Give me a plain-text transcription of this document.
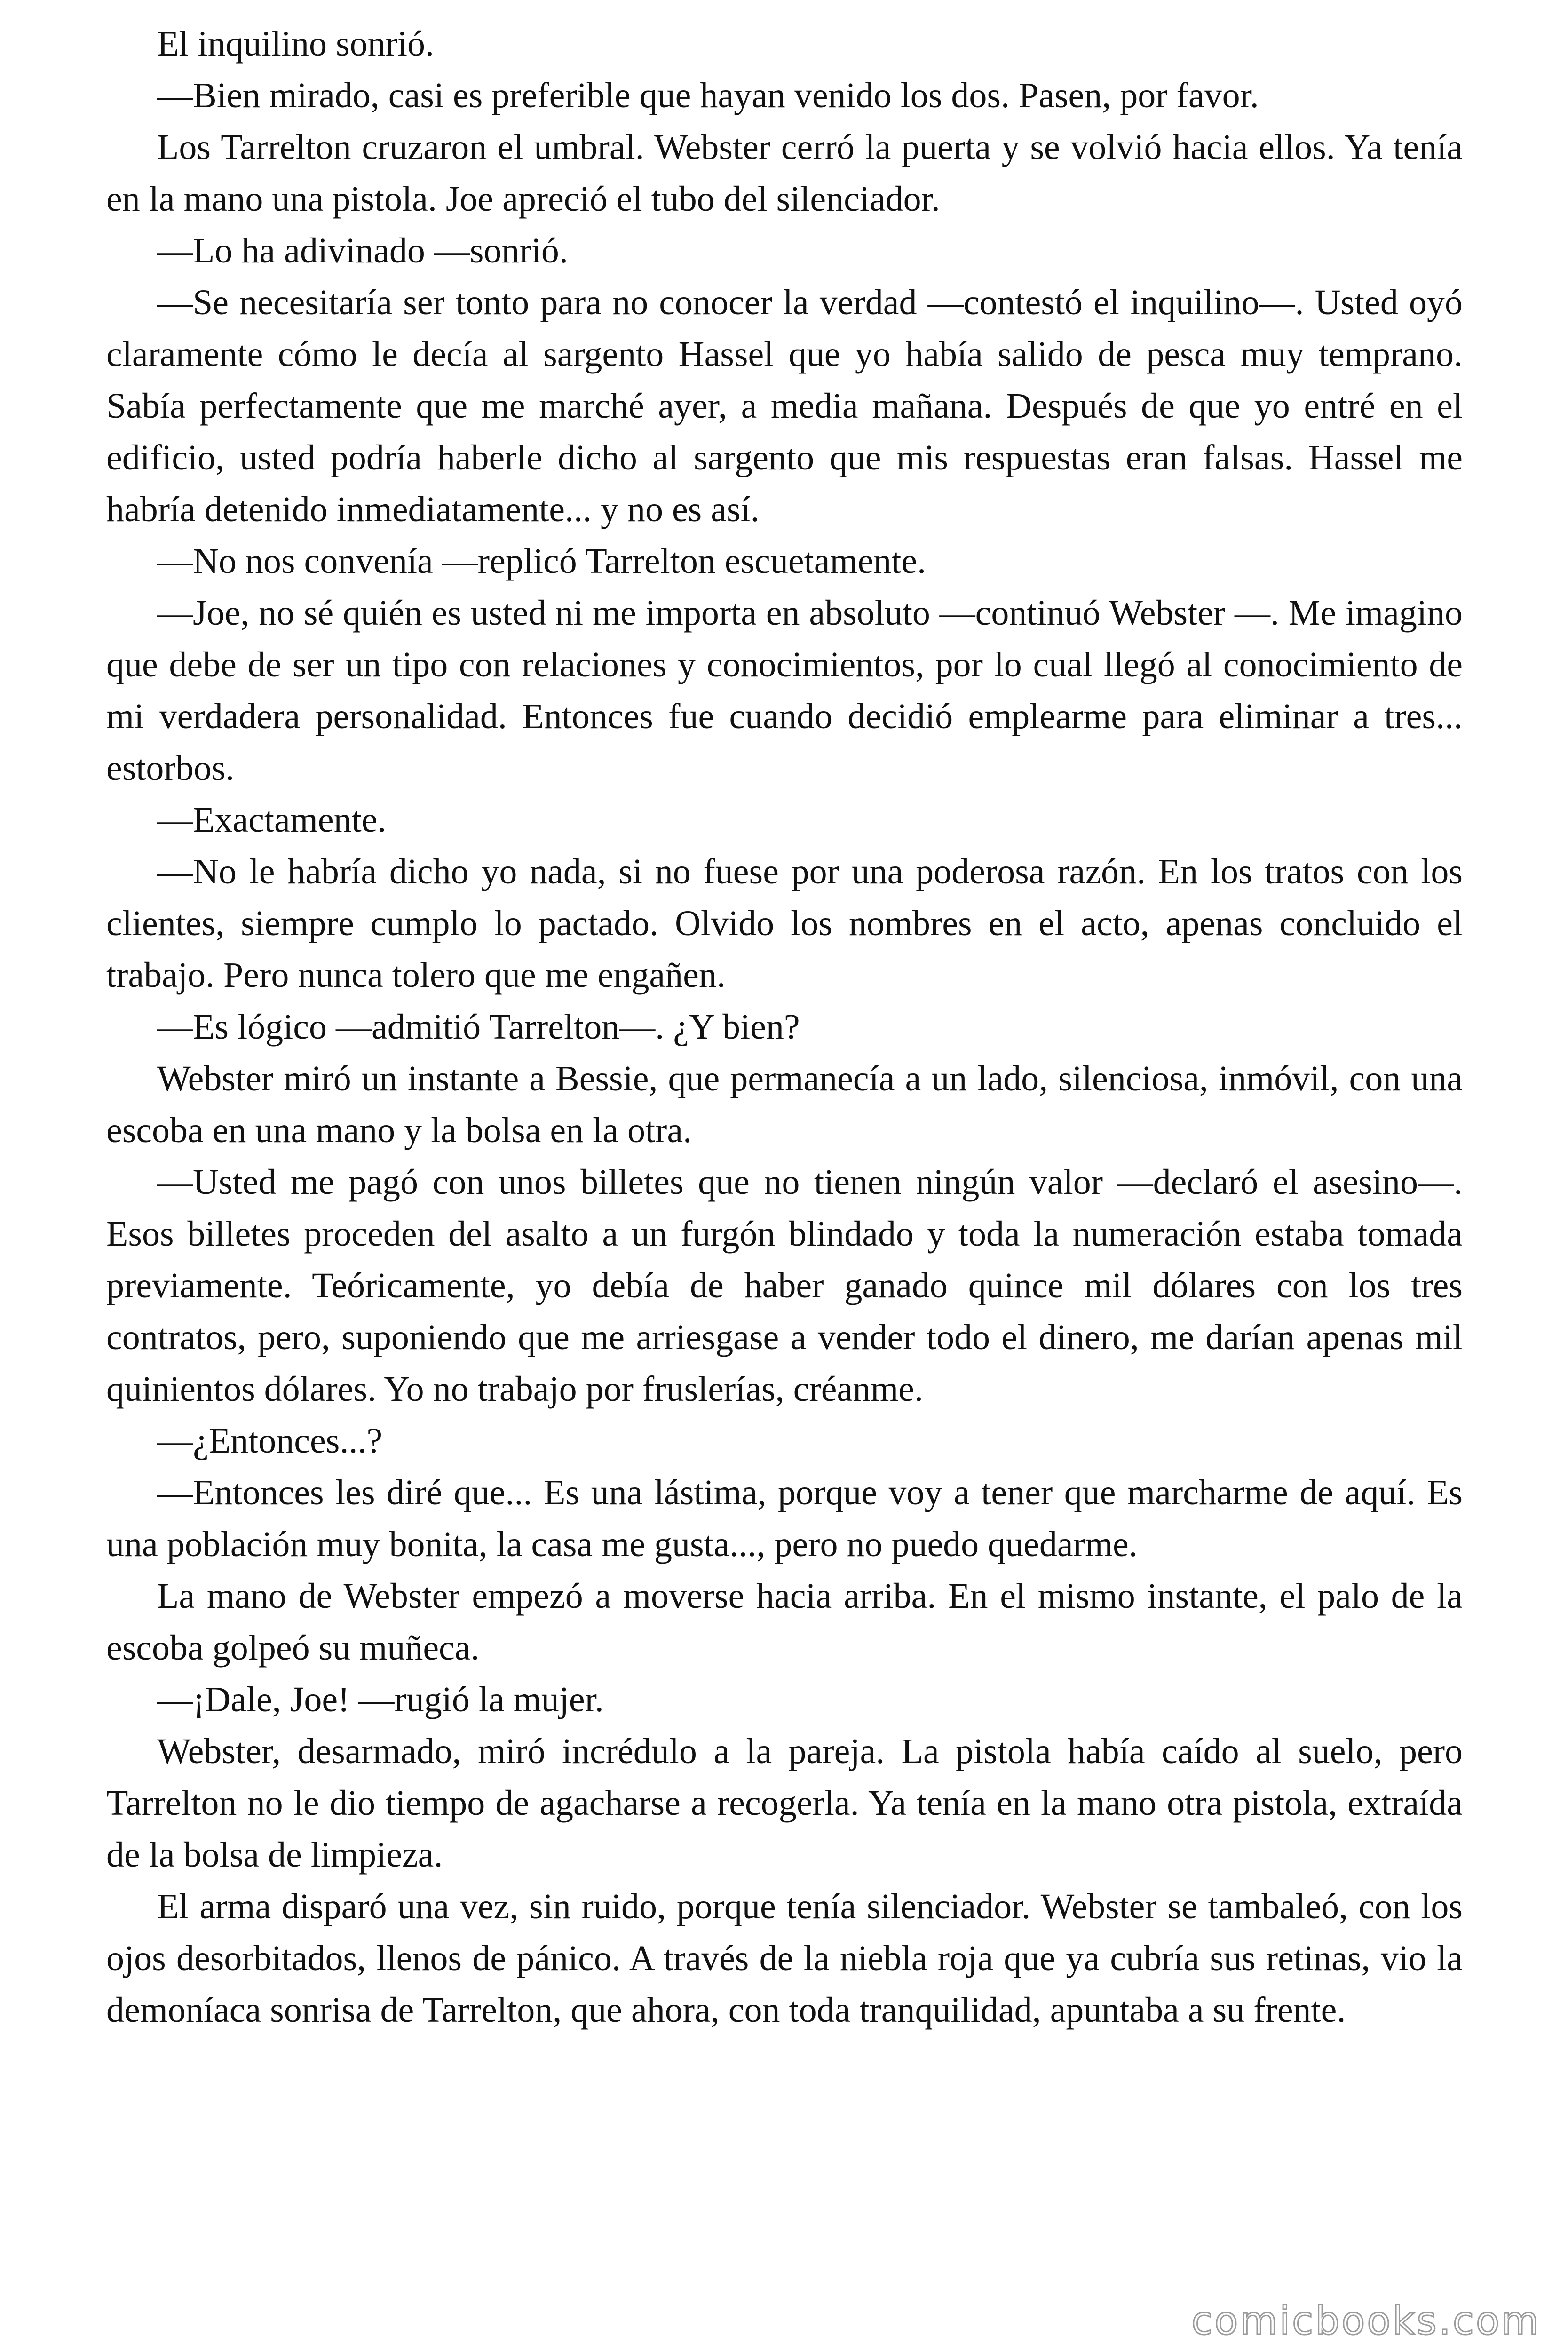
El inquilino sonrió.

—Bien mirado, casi es preferible que hayan venido los dos. Pasen, por favor.

Los Tarrelton cruzaron el umbral. Webster cerró la puerta y se volvió hacia ellos. Ya tenía en la mano una pistola. Joe apreció el tubo del silenciador.

—Lo ha adivinado —sonrió.

—Se necesitaría ser tonto para no conocer la verdad —contestó el inquilino—. Usted oyó claramente cómo le decía al sargento Hassel que yo había salido de pesca muy temprano. Sabía perfectamente que me marché ayer, a media mañana. Después de que yo entré en el edificio, usted podría haberle dicho al sargento que mis respuestas eran falsas. Hassel me habría detenido inmediatamente... y no es así.

—No nos convenía —replicó Tarrelton escuetamente.

—Joe, no sé quién es usted ni me importa en absoluto —continuó Webster —. Me imagino que debe de ser un tipo con relaciones y conocimientos, por lo cual llegó al conocimiento de mi verdadera personalidad. Entonces fue cuando decidió emplearme para eliminar a tres... estorbos.

—Exactamente.

—No le habría dicho yo nada, si no fuese por una poderosa razón. En los tratos con los clientes, siempre cumplo lo pactado. Olvido los nombres en el acto, apenas concluido el trabajo. Pero nunca tolero que me engañen.

—Es lógico —admitió Tarrelton—. ¿Y bien?

Webster miró un instante a Bessie, que permanecía a un lado, silenciosa, inmóvil, con una escoba en una mano y la bolsa en la otra.

—Usted me pagó con unos billetes que no tienen ningún valor —declaró el asesino—. Esos billetes proceden del asalto a un furgón blindado y toda la numeración estaba tomada previamente. Teóricamente, yo debía de haber ganado quince mil dólares con los tres contratos, pero, suponiendo que me arriesgase a vender todo el dinero, me darían apenas mil quinientos dólares. Yo no trabajo por fruslerías, créanme.

—¿Entonces...?

—Entonces les diré que... Es una lástima, porque voy a tener que marcharme de aquí. Es una población muy bonita, la casa me gusta..., pero no puedo quedarme.

La mano de Webster empezó a moverse hacia arriba. En el mismo instante, el palo de la escoba golpeó su muñeca.

—¡Dale, Joe! —rugió la mujer.

Webster, desarmado, miró incrédulo a la pareja. La pistola había caído al suelo, pero Tarrelton no le dio tiempo de agacharse a recogerla. Ya tenía en la mano otra pistola, extraída de la bolsa de limpieza.

El arma disparó una vez, sin ruido, porque tenía silenciador. Webster se tambaleó, con los ojos desorbitados, llenos de pánico. A través de la niebla roja que ya cubría sus retinas, vio la demoníaca sonrisa de Tarrelton, que ahora, con toda tranquilidad, apuntaba a su frente.

comicbooks.com
